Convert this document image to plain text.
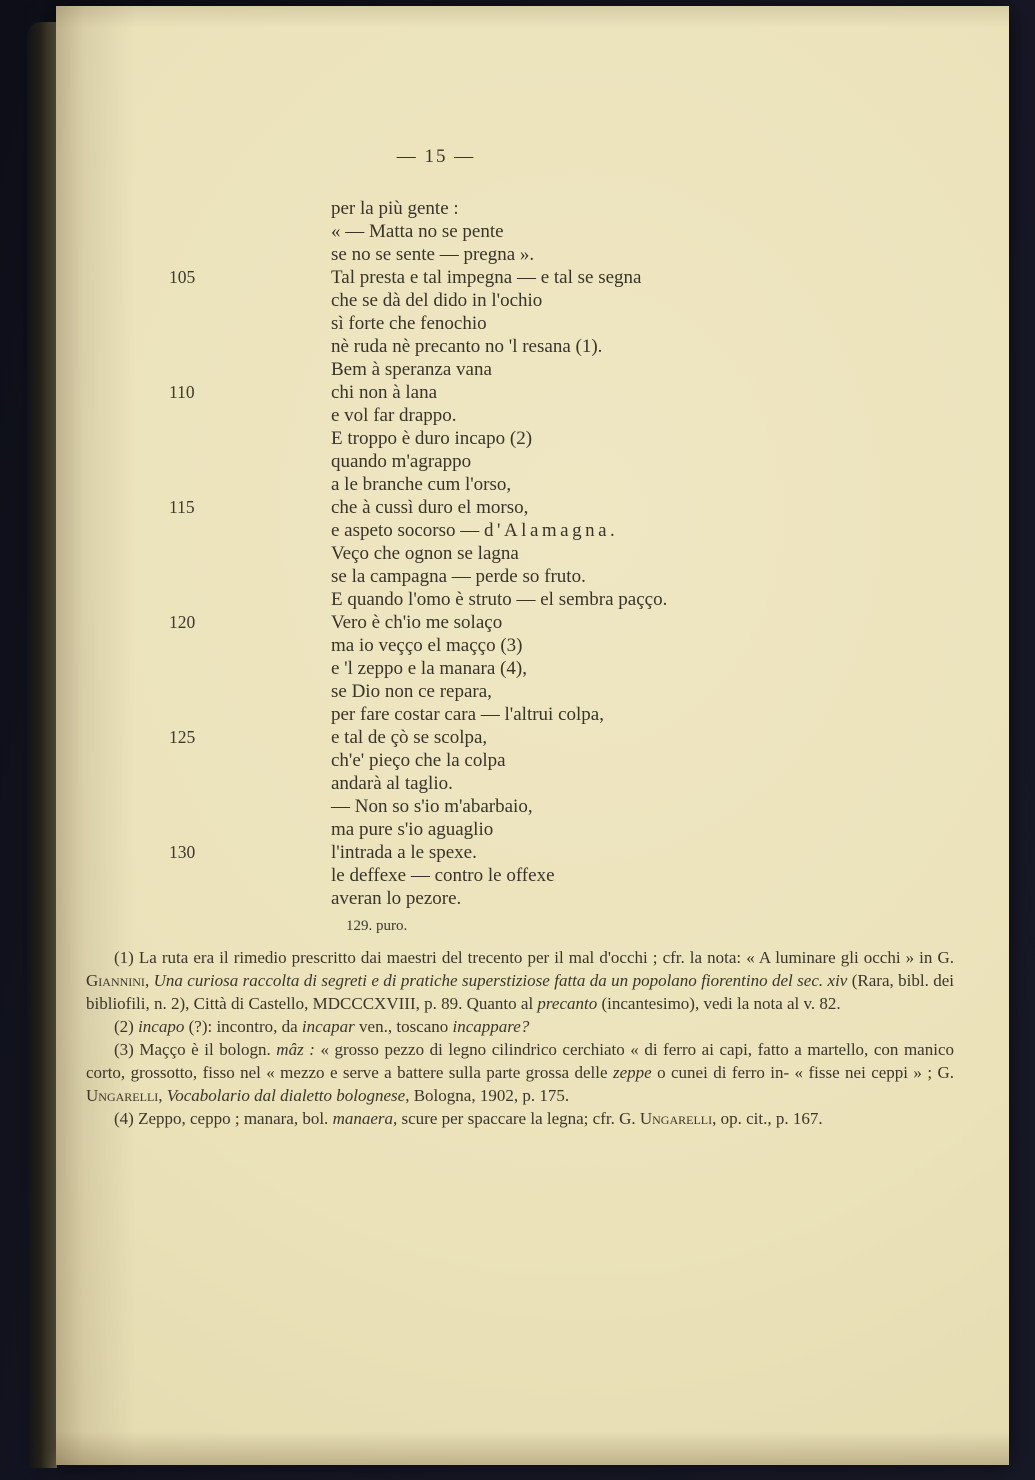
— 15 —
per la più gente :
« — Matta no se pente
se no se sente — pregna ».
105	Tal presta e tal impegna — e tal se segna
che se dà del dido in l'ochio
sì forte che fenochio
nè ruda nè precanto no 'l resana (1).
Bem à speranza vana
110	chi non à lana
e vol far drappo.
E troppo è duro incapo (2)
quando m'agrappo
a le branche cum l'orso,
115	che à cussì duro el morso,
e aspeto socorso — d'Alamagna.
Veço che ognon se lagna
se la campagna — perde so fruto.
E quando l'omo è struto — el sembra paçço.
120	Vero è ch'io me solaço
ma io veçço el maçço (3)
e 'l zeppo e la manara (4),
se Dio non ce repara,
per fare costar cara — l'altrui colpa,
125	e tal de çò se scolpa,
ch'e' pieço che la colpa
andarà al taglio.
— Non so s'io m'abarbaio,
ma pure s'io aguaglio
130	l'intrada a le spexe.
le deffexe — contro le offexe
averan lo pezore.
129. puro.

(1) La ruta era il rimedio prescritto dai maestri del trecento per il mal d'occhi ; cfr. la nota: « A luminare gli occhi » in G. Giannini, Una curiosa raccolta di segreti e di pratiche superstiziose fatta da un popolano fiorentino del sec. xiv (Rara, bibl. dei bibliofili, n. 2), Città di Castello, MDCCCXVIII, p. 89. Quanto al precanto (incantesimo), vedi la nota al v. 82.

(2) incapo (?): incontro, da incapar ven., toscano incappare?

(3) Maçço è il bologn. mâz : « grosso pezzo di legno cilindrico cerchiato « di ferro ai capi, fatto a martello, con manico corto, grossotto, fisso nel « mezzo e serve a battere sulla parte grossa delle zeppe o cunei di ferro in- « fisse nei ceppi » ; G. Ungarelli, Vocabolario dal dialetto bolognese, Bologna, 1902, p. 175.

(4) Zeppo, ceppo ; manara, bol. manaera, scure per spaccare la legna; cfr. G. Ungarelli, op. cit., p. 167.
